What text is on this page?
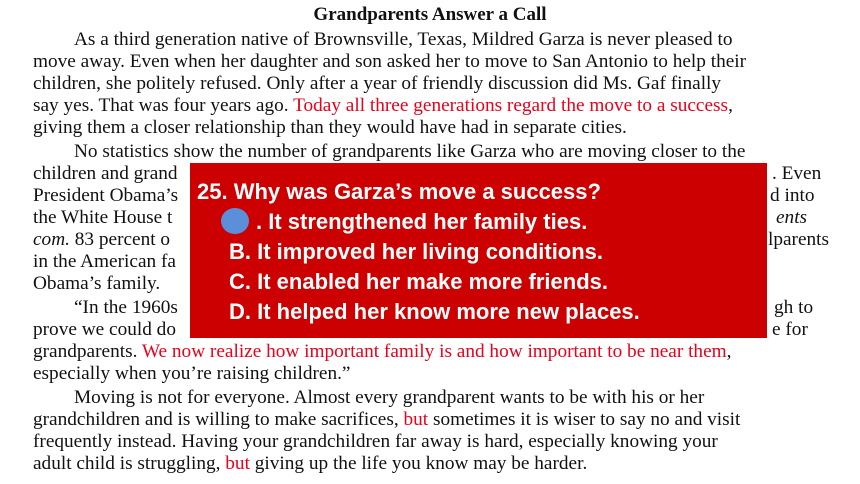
Grandparents Answer a Call
As a third generation native of Brownsville, Texas, Mildred Garza is never pleased to
move away. Even when her daughter and son asked her to move to San Antonio to help their
children, she politely refused. Only after a year of friendly discussion did Ms. Gaf finally
say yes. That was four years ago. Today all three generations regard the move to a success,
giving them a closer relationship than they would have had in separate cities.
No statistics show the number of grandparents like Garza who are moving closer to the
children and grand	. Even
President Obama’s	d into
the White House t	ents
com. 83 percent o	lparents
in the American fa
Obama’s family.
“In the 1960s	gh to
prove we could do	e for
grandparents. We now realize how important family is and how important to be near them,
especially when you’re raising children.”
Moving is not for everyone. Almost every grandparent wants to be with his or her
grandchildren and is willing to make sacrifices, but sometimes it is wiser to say no and visit
frequently instead. Having your grandchildren far away is hard, especially knowing your
adult child is struggling, but giving up the life you know may be harder.
25. Why was Garza’s move a success?
. It strengthened her family ties.
B. It improved her living conditions.
C. It enabled her make more friends.
D. It helped her know more new places.
